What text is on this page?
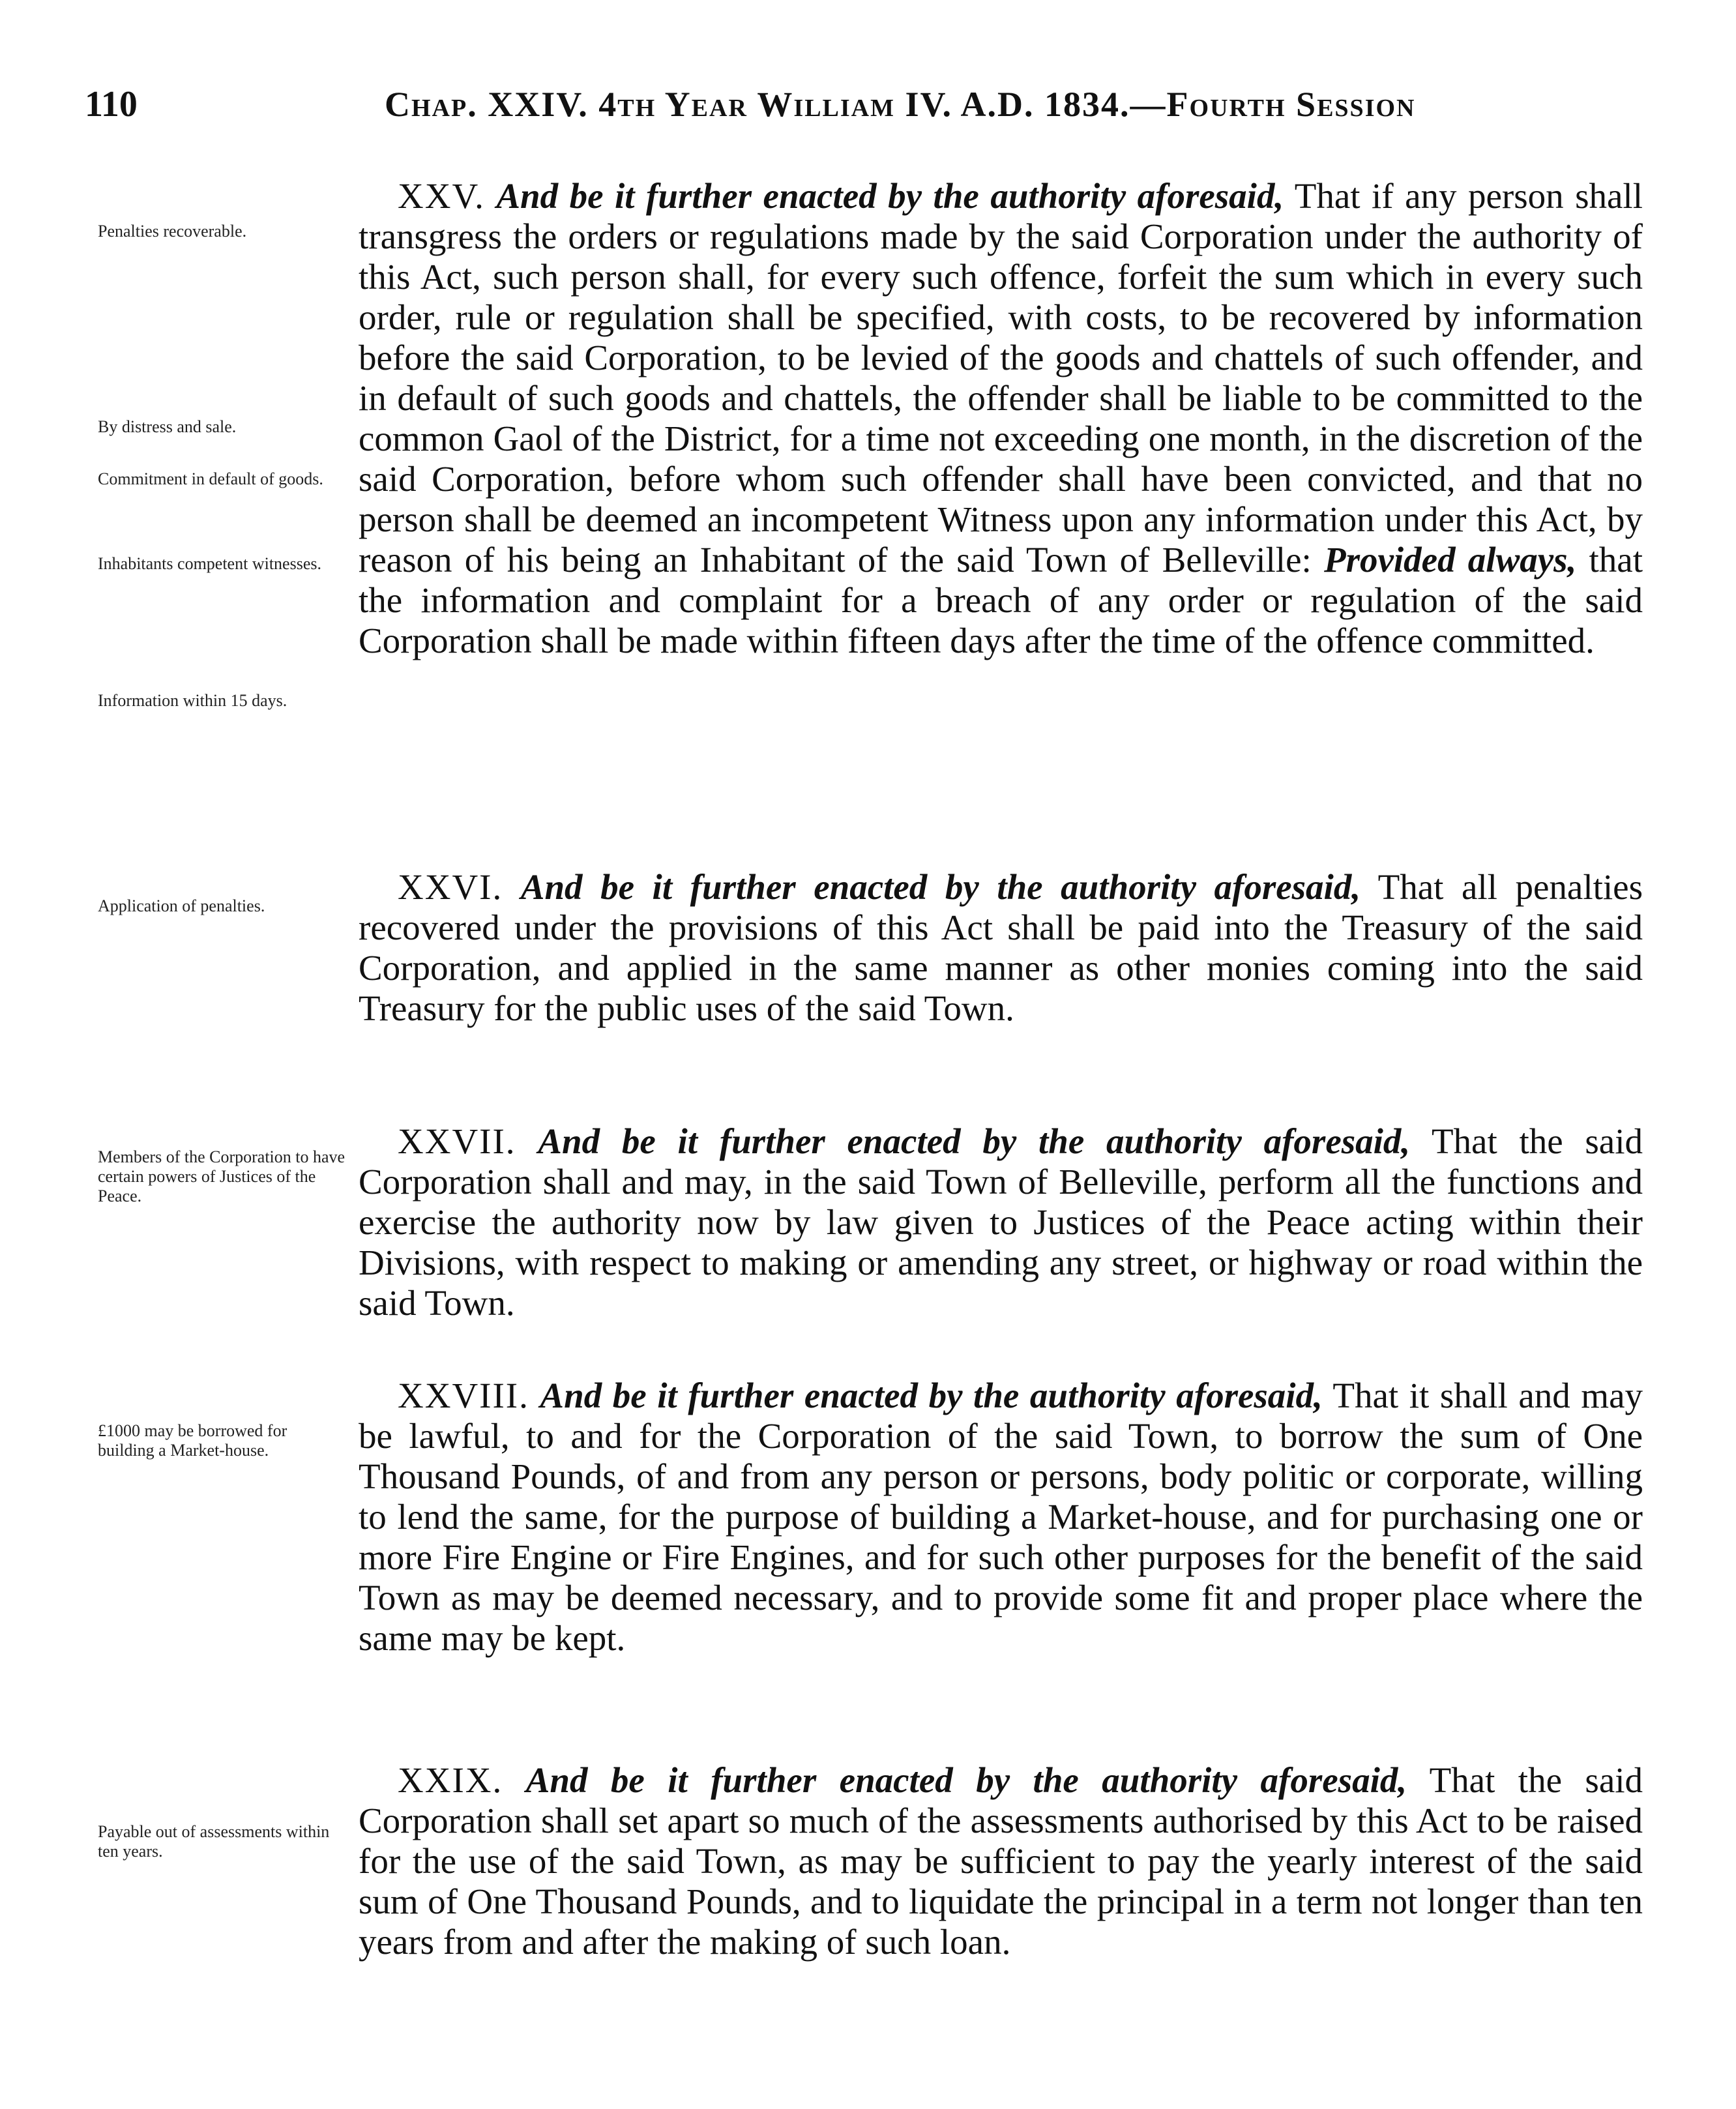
110	Chap. XXIV. 4th Year William IV. A.D. 1834.—Fourth Session
Penalties recoverable.
By distress and sale.
Commitment in default of goods.
Inhabitants competent witnesses.
Information within 15 days.
XXV. And be it further enacted by the authority aforesaid, That if any person shall transgress the orders or regulations made by the said Corporation under the authority of this Act, such person shall, for every such offence, forfeit the sum which in every such order, rule or regulation shall be specified, with costs, to be recovered by information before the said Corporation, to be levied of the goods and chattels of such offender, and in default of such goods and chattels, the offender shall be liable to be committed to the common Gaol of the District, for a time not exceeding one month, in the discretion of the said Corporation, before whom such offender shall have been convicted, and that no person shall be deemed an incompetent Witness upon any information under this Act, by reason of his being an Inhabitant of the said Town of Belleville: Provided always, that the information and complaint for a breach of any order or regulation of the said Corporation shall be made within fifteen days after the time of the offence committed.
Application of penalties.	XXVI. And be it further enacted by the authority aforesaid, That all penalties recovered under the provisions of this Act shall be paid into the Treasury of the said Corporation, and applied in the same manner as other monies coming into the said Treasury for the public uses of the said Town.
Members of the Corporation to have certain powers of Justices of the Peace.
XXVII. And be it further enacted by the authority aforesaid, That the said Corporation shall and may, in the said Town of Belleville, perform all the functions and exercise the authority now by law given to Justices of the Peace acting within their Divisions, with respect to making or amending any street, or highway or road within the said Town.
£1000 may be borrowed for building a Market-house.
XXVIII. And be it further enacted by the authority aforesaid, That it shall and may be lawful, to and for the Corporation of the said Town, to borrow the sum of One Thousand Pounds, of and from any person or persons, body politic or corporate, willing to lend the same, for the purpose of building a Market-house, and for purchasing one or more Fire Engine or Fire Engines, and for such other purposes for the benefit of the said Town as may be deemed necessary, and to provide some fit and proper place where the same may be kept.
Payable out of assessments within ten years.
XXIX. And be it further enacted by the authority aforesaid, That the said Corporation shall set apart so much of the assessments authorised by this Act to be raised for the use of the said Town, as may be sufficient to pay the yearly interest of the said sum of One Thousand Pounds, and to liquidate the principal in a term not longer than ten years from and after the making of such loan.
